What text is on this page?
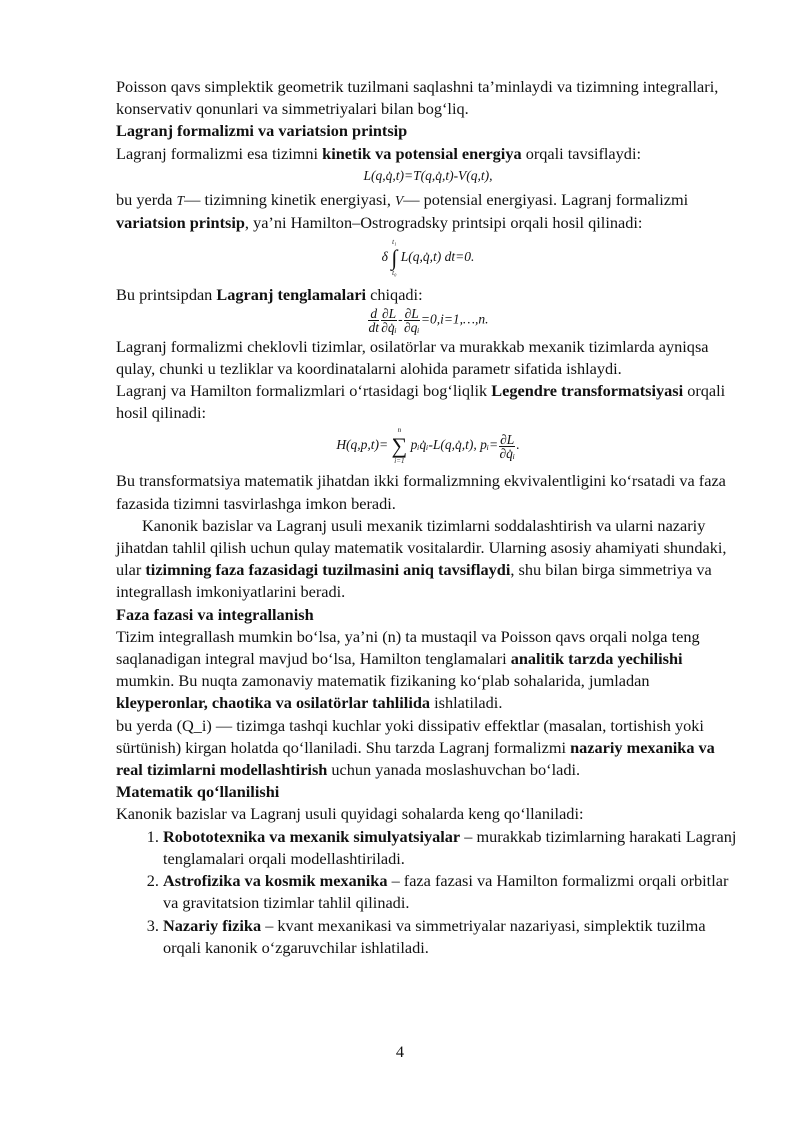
Poisson qavs simplektik geometrik tuzilmani saqlashni ta’minlaydi va tizimning integrallari, konservativ qonunlari va simmetriyalari bilan bog‘liq.

Lagranj formalizmi va variatsion printsip

Lagranj formalizmi esa tizimni kinetik va potensial energiya orqali tavsiflaydi:

L(q,q̇,t)=T(q,q̇,t)-V(q,t),

bu yerda T— tizimning kinetik energiyasi, V— potensial energiyasi. Lagranj formalizmi variatsion printsip, ya’ni Hamilton–Ostrogradsky printsipi orqali hosil qilinadi:

δ
t₁
∫
t₀
L(q,q̇,t) dt=0.

Bu printsipdan Lagranj tenglamalari chiqadi:

$\frac{d}{dt} \frac{\partial L}{\text{∂q̇ᵢ}} - \frac{\partial L}{\text{∂qᵢ}}$ =0,i=1,…,n.

Lagranj formalizmi cheklovli tizimlar, osilatörlar va murakkab mexanik tizimlarda ayniqsa qulay, chunki u tezliklar va koordinatalarni alohida parametr sifatida ishlaydi.

Lagranj va Hamilton formalizmlari o‘rtasidagi bog‘liqlik Legendre transformatsiyasi orqali hosil qilinadi:

H(q,p,t)=
n
∑
i=1
pᵢq̇ᵢ-L(q,q̇,t), pᵢ= $\frac{\partial L}{\text{∂q̇ᵢ}}$ .

Bu transformatsiya matematik jihatdan ikki formalizmning ekvivalentligini ko‘rsatadi va faza fazasida tizimni tasvirlashga imkon beradi.

Kanonik bazislar va Lagranj usuli mexanik tizimlarni soddalashtirish va ularni nazariy jihatdan tahlil qilish uchun qulay matematik vositalardir. Ularning asosiy ahamiyati shundaki, ular tizimning faza fazasidagi tuzilmasini aniq tavsiflaydi, shu bilan birga simmetriya va integrallash imkoniyatlarini beradi.

Faza fazasi va integrallanish

Tizim integrallash mumkin bo‘lsa, ya’ni (n) ta mustaqil va Poisson qavs orqali nolga teng saqlanadigan integral mavjud bo‘lsa, Hamilton tenglamalari analitik tarzda yechilishi mumkin. Bu nuqta zamonaviy matematik fizikaning ko‘plab sohalarida, jumladan kleyperonlar, chaotika va osilatörlar tahlilida ishlatiladi.

bu yerda (Q_i) — tizimga tashqi kuchlar yoki dissipativ effektlar (masalan, tortishish yoki sürtünish) kirgan holatda qo‘llaniladi. Shu tarzda Lagranj formalizmi nazariy mexanika va real tizimlarni modellashtirish uchun yanada moslashuvchan bo‘ladi.

Matematik qo‘llanilishi

Kanonik bazislar va Lagranj usuli quyidagi sohalarda keng qo‘llaniladi:

1. Robototexnika va mexanik simulyatsiyalar – murakkab tizimlarning harakati Lagranj tenglamalari orqali modellashtiriladi.
2. Astrofizika va kosmik mexanika – faza fazasi va Hamilton formalizmi orqali orbitlar va gravitatsion tizimlar tahlil qilinadi.
3. Nazariy fizika – kvant mexanikasi va simmetriyalar nazariyasi, simplektik tuzilma orqali kanonik o‘zgaruvchilar ishlatiladi.
4
